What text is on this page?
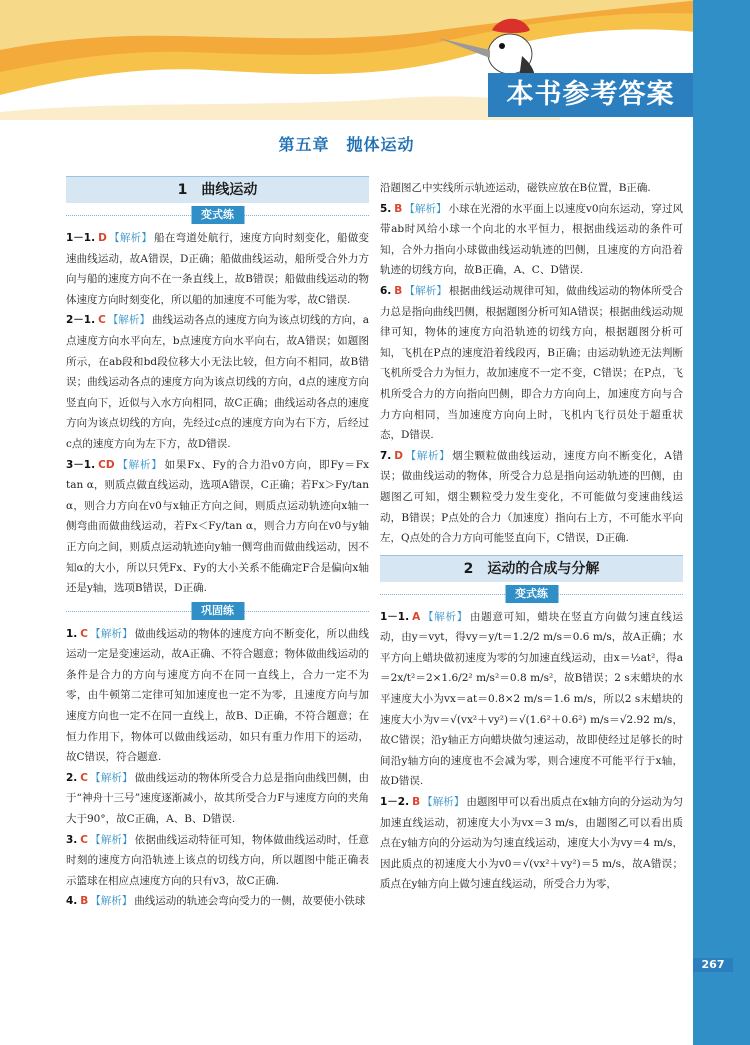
本书参考答案
第五章　抛体运动
1　曲线运动
变式练
1－1. D 【解析】 船在弯道处航行，速度方向时刻变化，船做变速曲线运动，故A错误，D正确；船做曲线运动，船所受合外力方向与船的速度方向不在一条直线上，故B错误；船做曲线运动的物体速度方向时刻变化，所以船的加速度不可能为零，故C错误.
2－1. C 【解析】 曲线运动各点的速度方向为该点切线的方向，a点速度方向水平向左，b点速度方向水平向右，故A错误；如题图所示，在ab段和bd段位移大小无法比较，但方向不相同，故B错误；曲线运动各点的速度方向为该点切线的方向，d点的速度方向竖直向下，近似与入水方向相同，故C正确；曲线运动各点的速度方向为该点切线的方向，先经过c点的速度方向为右下方，后经过c点的速度方向为左下方，故D错误.
3－1. CD 【解析】 如果Fx、Fy的合力沿v0方向，即Fy＝Fx tan α，则质点做直线运动，选项A错误，C正确；若Fx＞Fy/tan α，则合力方向在v0与x轴正方向之间，则质点运动轨迹向x轴一侧弯曲而做曲线运动，若Fx＜Fy/tan α，则合力方向在v0与y轴正方向之间，则质点运动轨迹向y轴一侧弯曲而做曲线运动，因不知α的大小，所以只凭Fx、Fy的大小关系不能确定F合是偏向x轴还是y轴，选项B错误，D正确.
巩固练
1. C 【解析】 做曲线运动的物体的速度方向不断变化，所以曲线运动一定是变速运动，故A正确、不符合题意；物体做曲线运动的条件是合力的方向与速度方向不在同一直线上，合力一定不为零，由牛顿第二定律可知加速度也一定不为零，且速度方向与加速度方向也一定不在同一直线上，故B、D正确，不符合题意；在恒力作用下，物体可以做曲线运动，如只有重力作用下的运动，故C错误，符合题意.
2. C 【解析】 做曲线运动的物体所受合力总是指向曲线凹侧，由于“神舟十三号”速度逐渐减小，故其所受合力F与速度方向的夹角大于90°，故C正确，A、B、D错误.
3. C 【解析】 依据曲线运动特征可知，物体做曲线运动时，任意时刻的速度方向沿轨迹上该点的切线方向，所以题图中能正确表示篮球在相应点速度方向的只有v3，故C正确.
4. B 【解析】 曲线运动的轨迹会弯向受力的一侧，故要使小铁球
沿题图乙中实线所示轨迹运动，磁铁应放在B位置，B正确.
5. B 【解析】 小球在光滑的水平面上以速度v0向东运动，穿过风带ab时风给小球一个向北的水平恒力，根据曲线运动的条件可知，合外力指向小球做曲线运动轨迹的凹侧，且速度的方向沿着轨迹的切线方向，故B正确，A、C、D错误.
6. B 【解析】 根据曲线运动规律可知，做曲线运动的物体所受合力总是指向曲线凹侧，根据题图分析可知A错误；根据曲线运动规律可知，物体的速度方向沿轨迹的切线方向，根据题图分析可知，飞机在P点的速度沿着线段丙，B正确；由运动轨迹无法判断飞机所受合力为恒力，故加速度不一定不变，C错误；在P点，飞机所受合力的方向指向凹侧，即合力方向向上，加速度方向与合力方向相同，当加速度方向向上时，飞机内飞行员处于超重状态，D错误.
7. D 【解析】 烟尘颗粒做曲线运动，速度方向不断变化，A错误；做曲线运动的物体，所受合力总是指向运动轨迹的凹侧，由题图乙可知，烟尘颗粒受力发生变化，不可能做匀变速曲线运动，B错误；P点处的合力（加速度）指向右上方，不可能水平向左，Q点处的合力方向可能竖直向下，C错误，D正确.
2　运动的合成与分解
变式练
1－1. A 【解析】 由题意可知，蜡块在竖直方向做匀速直线运动，由y＝vyt，得vy＝y/t＝1.2/2 m/s＝0.6 m/s，故A正确；水平方向上蜡块做初速度为零的匀加速直线运动，由x＝½at²，得a＝2x/t²＝2×1.6/2² m/s²＝0.8 m/s²，故B错误；2 s末蜡块的水平速度大小为vx＝at＝0.8×2 m/s＝1.6 m/s，所以2 s末蜡块的速度大小为v＝√(vx²＋vy²)＝√(1.6²＋0.6²) m/s＝√2.92 m/s，故C错误；沿y轴正方向蜡块做匀速运动，故即使经过足够长的时间沿y轴方向的速度也不会减为零，则合速度不可能平行于x轴，故D错误.
1－2. B 【解析】 由题图甲可以看出质点在x轴方向的分运动为匀加速直线运动，初速度大小为vx＝3 m/s，由题图乙可以看出质点在y轴方向的分运动为匀速直线运动，速度大小为vy＝4 m/s，因此质点的初速度大小为v0＝√(vx²＋vy²)＝5 m/s，故A错误；质点在y轴方向上做匀速直线运动，所受合力为零，
267
